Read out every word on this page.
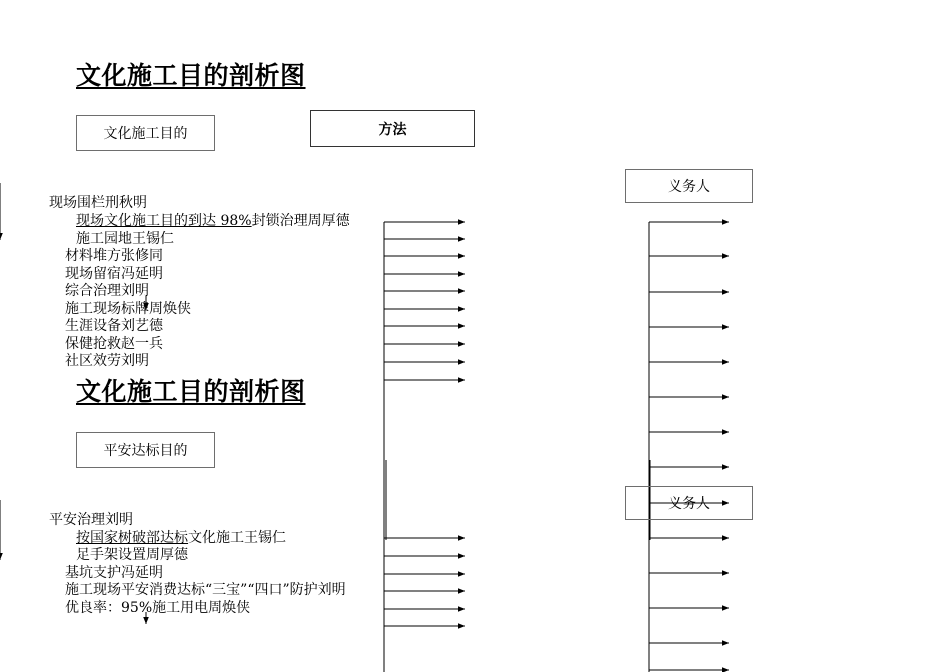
文化施工目的剖析图
文化施工目的	方法
义务人
现场围栏刑秋明
现场文化施工目的到达 98%封锁治理周厚德
施工园地王锡仁
材料堆方张修同
现场留宿冯延明
综合治理刘明
施工现场标牌周焕侠
生涯设备刘艺德
保健抢救赵一兵
社区效劳刘明
文化施工目的剖析图
平安达标目的
义务人
平安治理刘明
按国家树破部达标文化施工王锡仁
足手架设置周厚德
基坑支护冯延明
施工现场平安消费达标“三宝”“四口”防护刘明
优良率：95%施工用电周焕侠
